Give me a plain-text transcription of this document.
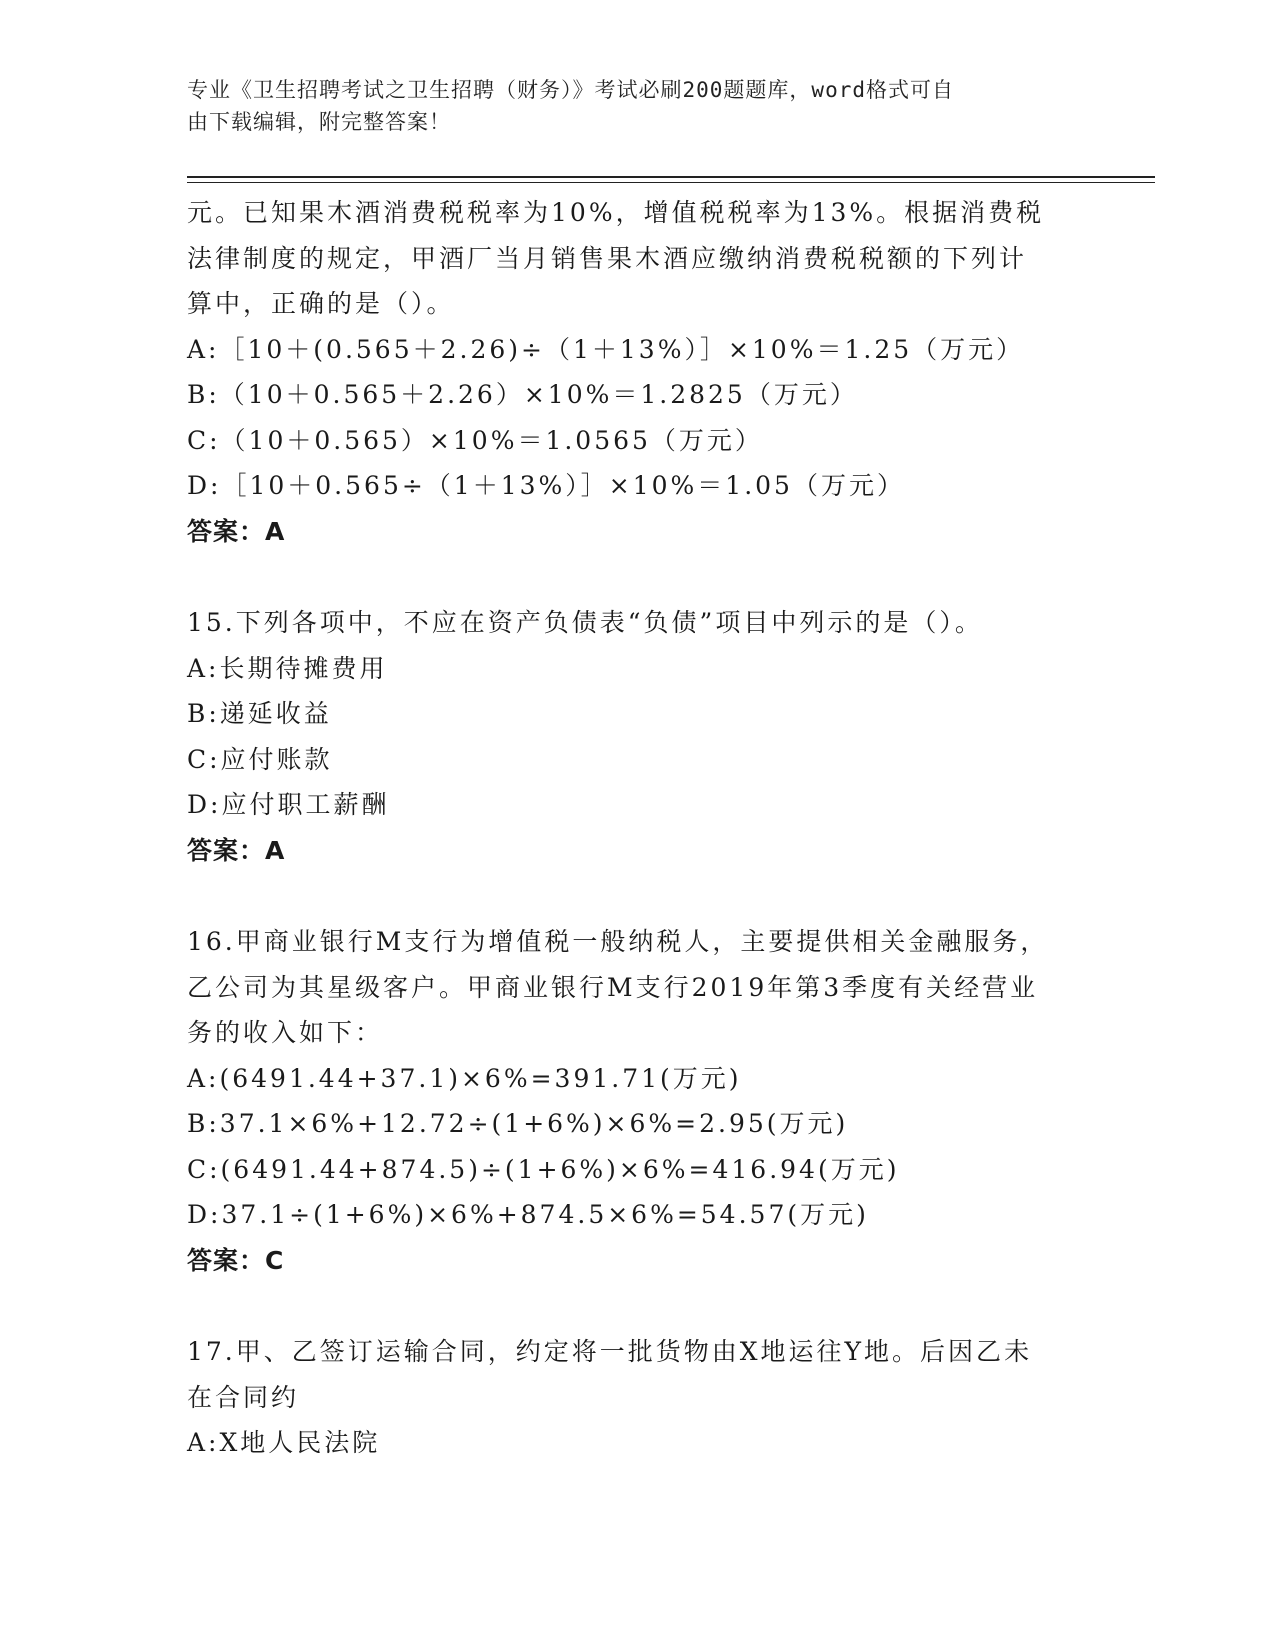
专业《卫生招聘考试之卫生招聘（财务）》考试必刷200题题库，word格式可自
由下载编辑，附完整答案！
元。已知果木酒消费税税率为10%，增值税税率为13%。根据消费税
法律制度的规定，甲酒厂当月销售果木酒应缴纳消费税税额的下列计
算中，正确的是（）。
A:［10＋(0.565＋2.26)÷（1＋13%）］×10%＝1.25（万元）
B:（10＋0.565＋2.26）×10%＝1.2825（万元）
C:（10＋0.565）×10%＝1.0565（万元）
D:［10＋0.565÷（1＋13%）］×10%＝1.05（万元）
答案：A
15.下列各项中，不应在资产负债表“负债”项目中列示的是（）。
A:长期待摊费用
B:递延收益
C:应付账款
D:应付职工薪酬
答案：A
16.甲商业银行M支行为增值税一般纳税人，主要提供相关金融服务，
乙公司为其星级客户。甲商业银行M支行2019年第3季度有关经营业
务的收入如下：
A:(6491.44+37.1)×6%=391.71(万元)
B:37.1×6%+12.72÷(1+6%)×6%=2.95(万元)
C:(6491.44+874.5)÷(1+6%)×6%=416.94(万元)
D:37.1÷(1+6%)×6%+874.5×6%=54.57(万元)
答案：C
17.甲、乙签订运输合同，约定将一批货物由X地运往Y地。后因乙未
在合同约
A:X地人民法院
